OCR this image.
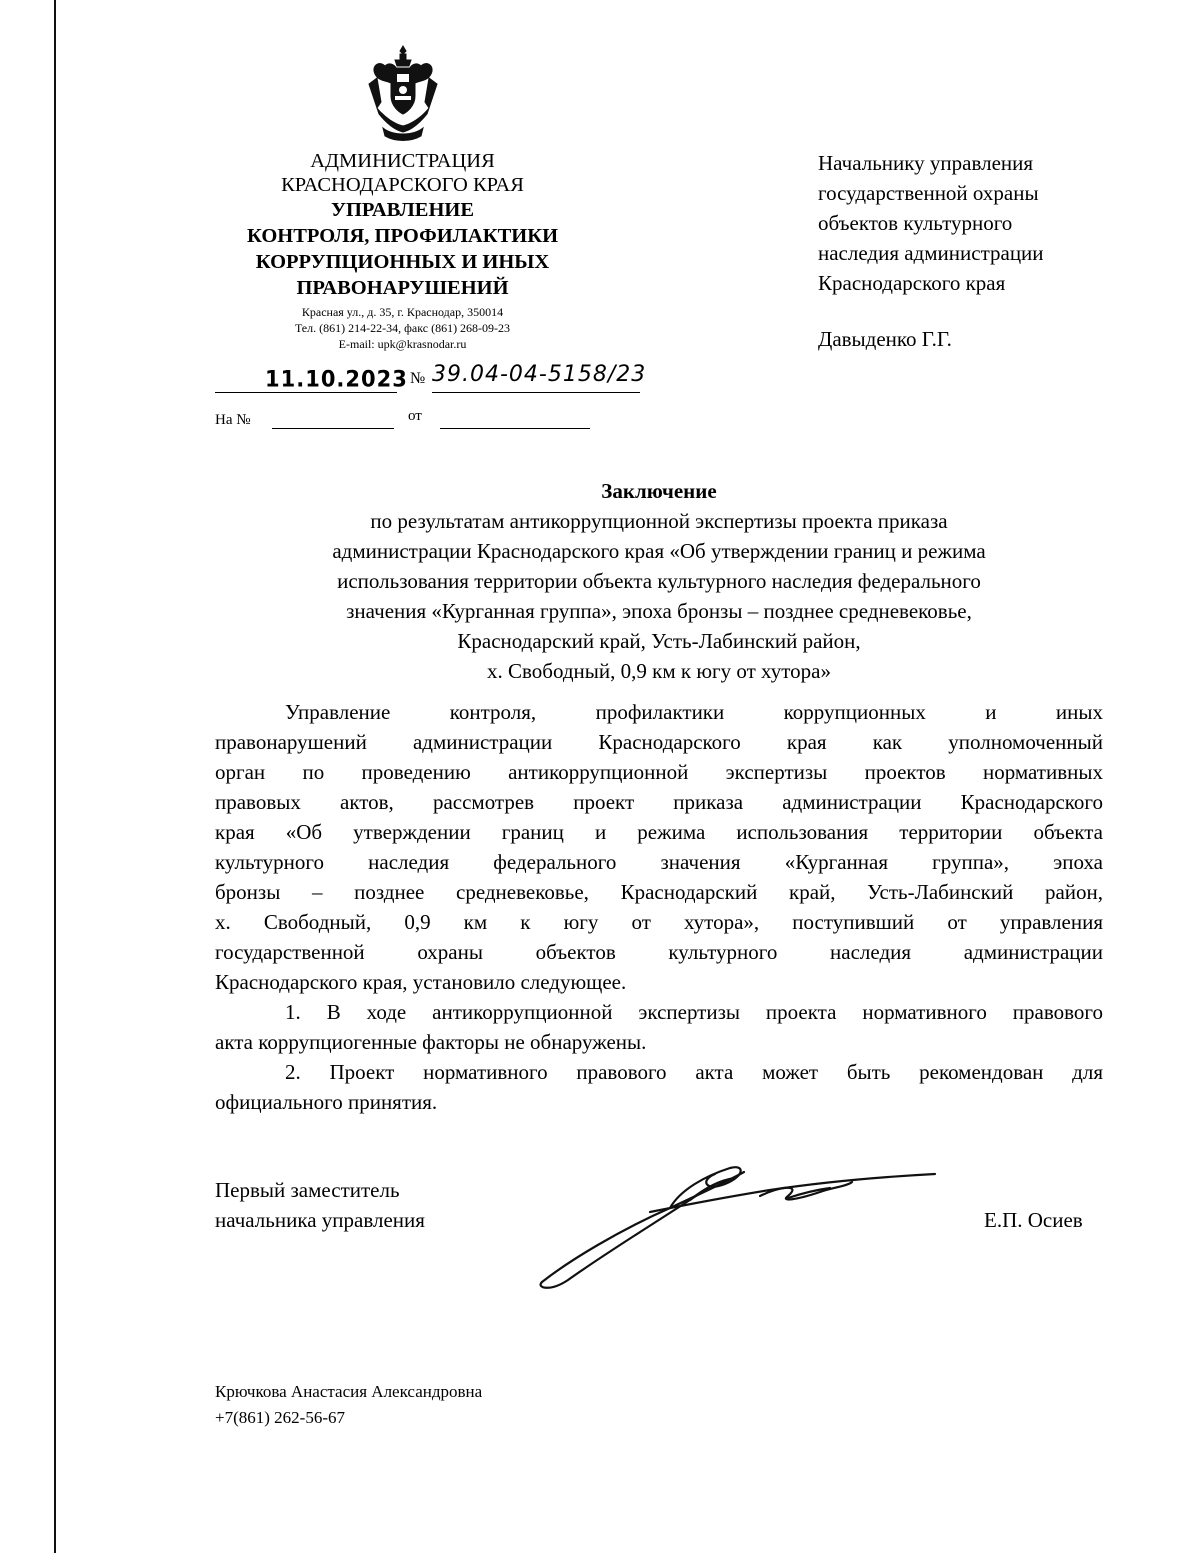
АДМИНИСТРАЦИЯ
КРАСНОДАРСКОГО КРАЯ
УПРАВЛЕНИЕ
КОНТРОЛЯ, ПРОФИЛАКТИКИ
КОРРУПЦИОННЫХ И ИНЫХ
ПРАВОНАРУШЕНИЙ
Красная ул., д. 35, г. Краснодар, 350014
Тел. (861) 214-22-34, факс (861) 268-09-23
E-mail: upk@krasnodar.ru
11.10.2023 № 39.04-04-5158/23
На №	от
Начальнику управления
государственной охраны
объектов культурного
наследия администрации
Краснодарского края
Давыденко Г.Г.
Заключение
по результатам антикоррупционной экспертизы проекта приказа
администрации Краснодарского края «Об утверждении границ и режима
использования территории объекта культурного наследия федерального
значения «Курганная группа», эпоха бронзы – позднее средневековье,
Краснодарский край, Усть-Лабинский район,
х. Свободный, 0,9 км к югу от хутора»
Управление контроля, профилактики коррупционных и иных
правонарушений администрации Краснодарского края как уполномоченный
орган по проведению антикоррупционной экспертизы проектов нормативных
правовых актов, рассмотрев проект приказа администрации Краснодарского
края «Об утверждении границ и режима использования территории объекта
культурного наследия федерального значения «Курганная группа», эпоха
бронзы – позднее средневековье, Краснодарский край, Усть-Лабинский район,
х. Свободный, 0,9 км к югу от хутора», поступивший от управления
государственной охраны объектов культурного наследия администрации
Краснодарского края, установило следующее.
1. В ходе антикоррупционной экспертизы проекта нормативного правового
акта коррупциогенные факторы не обнаружены.
2. Проект нормативного правового акта может быть рекомендован для
официального принятия.
Первый заместитель
начальника управления	Е.П. Осиев
Крючкова Анастасия Александровна
+7(861) 262-56-67
